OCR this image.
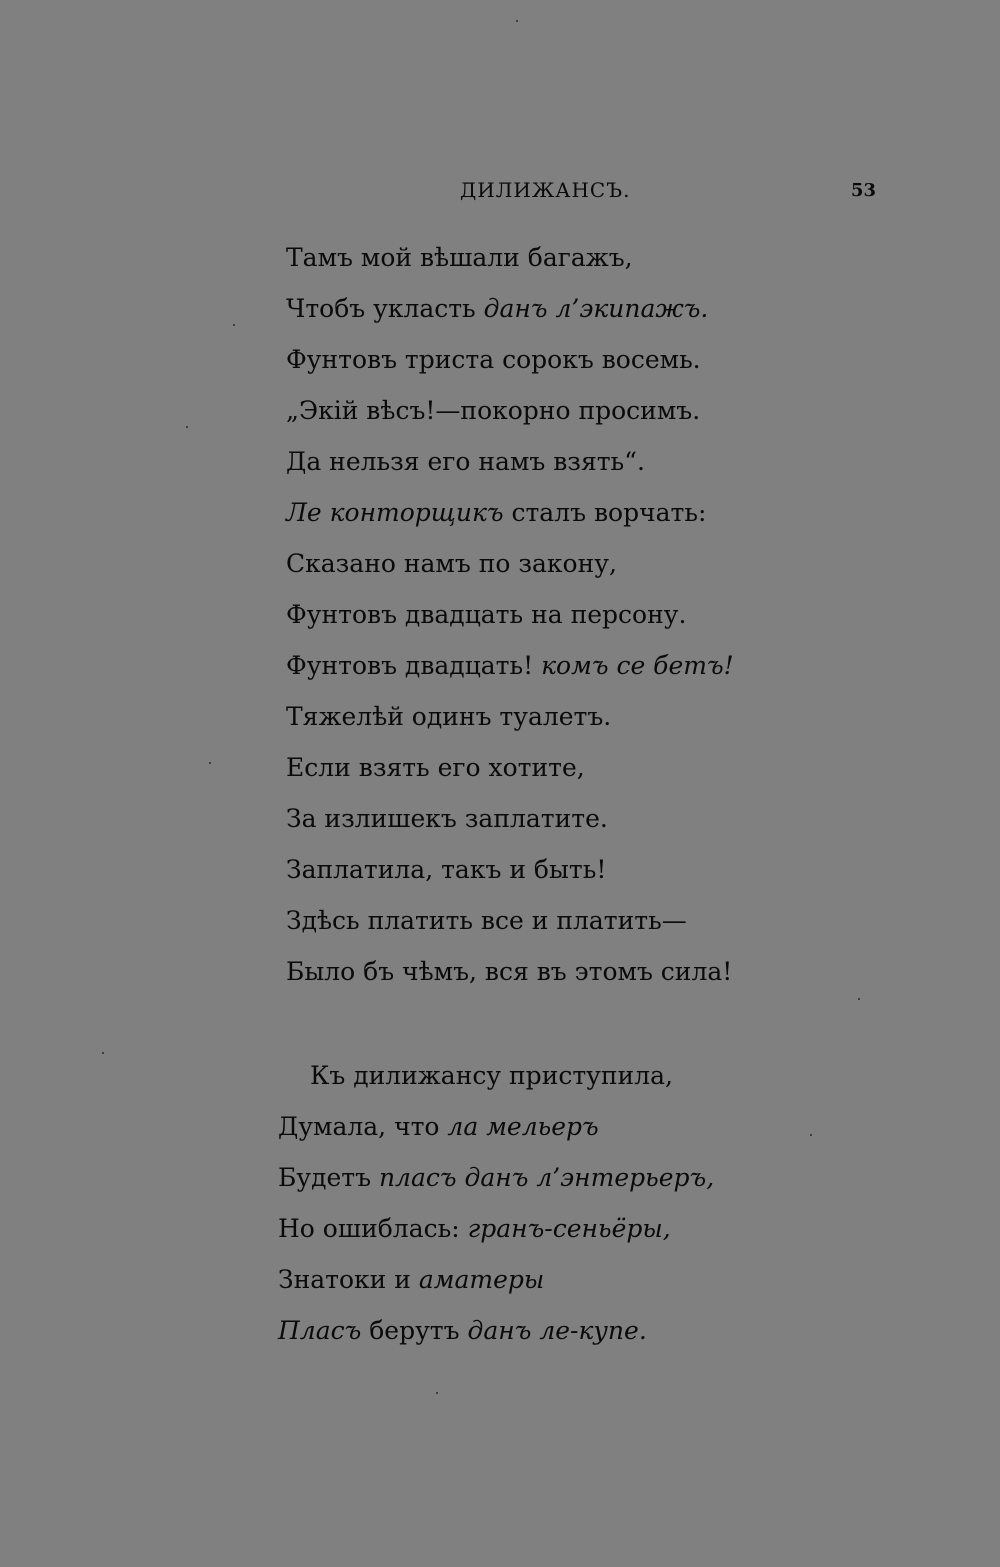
ДИЛИЖАНСЪ.	53
Тамъ мой вѣшали багажъ,
Чтобъ укласть данъ л’экипажъ.
Фунтовъ триста сорокъ восемь.
„Экій вѣсъ!—покорно просимъ.
Да нельзя его намъ взять“.
Ле конторщикъ сталъ ворчать:
Сказано намъ по закону,
Фунтовъ двадцать на персону.
Фунтовъ двадцать! комъ се бетъ!
Тяжелѣй одинъ туалетъ.
Если взять его хотите,
За излишекъ заплатите.
Заплатила, такъ и быть!
Здѣсь платить все и платить—
Было бъ чѣмъ, вся въ этомъ сила!
Къ дилижансу приступила,
Думала, что ла мельеръ
Будетъ пласъ данъ л’энтерьеръ,
Но ошиблась: гранъ-сеньёры,
Знатоки и аматеры
Пласъ берутъ данъ ле-купе.
